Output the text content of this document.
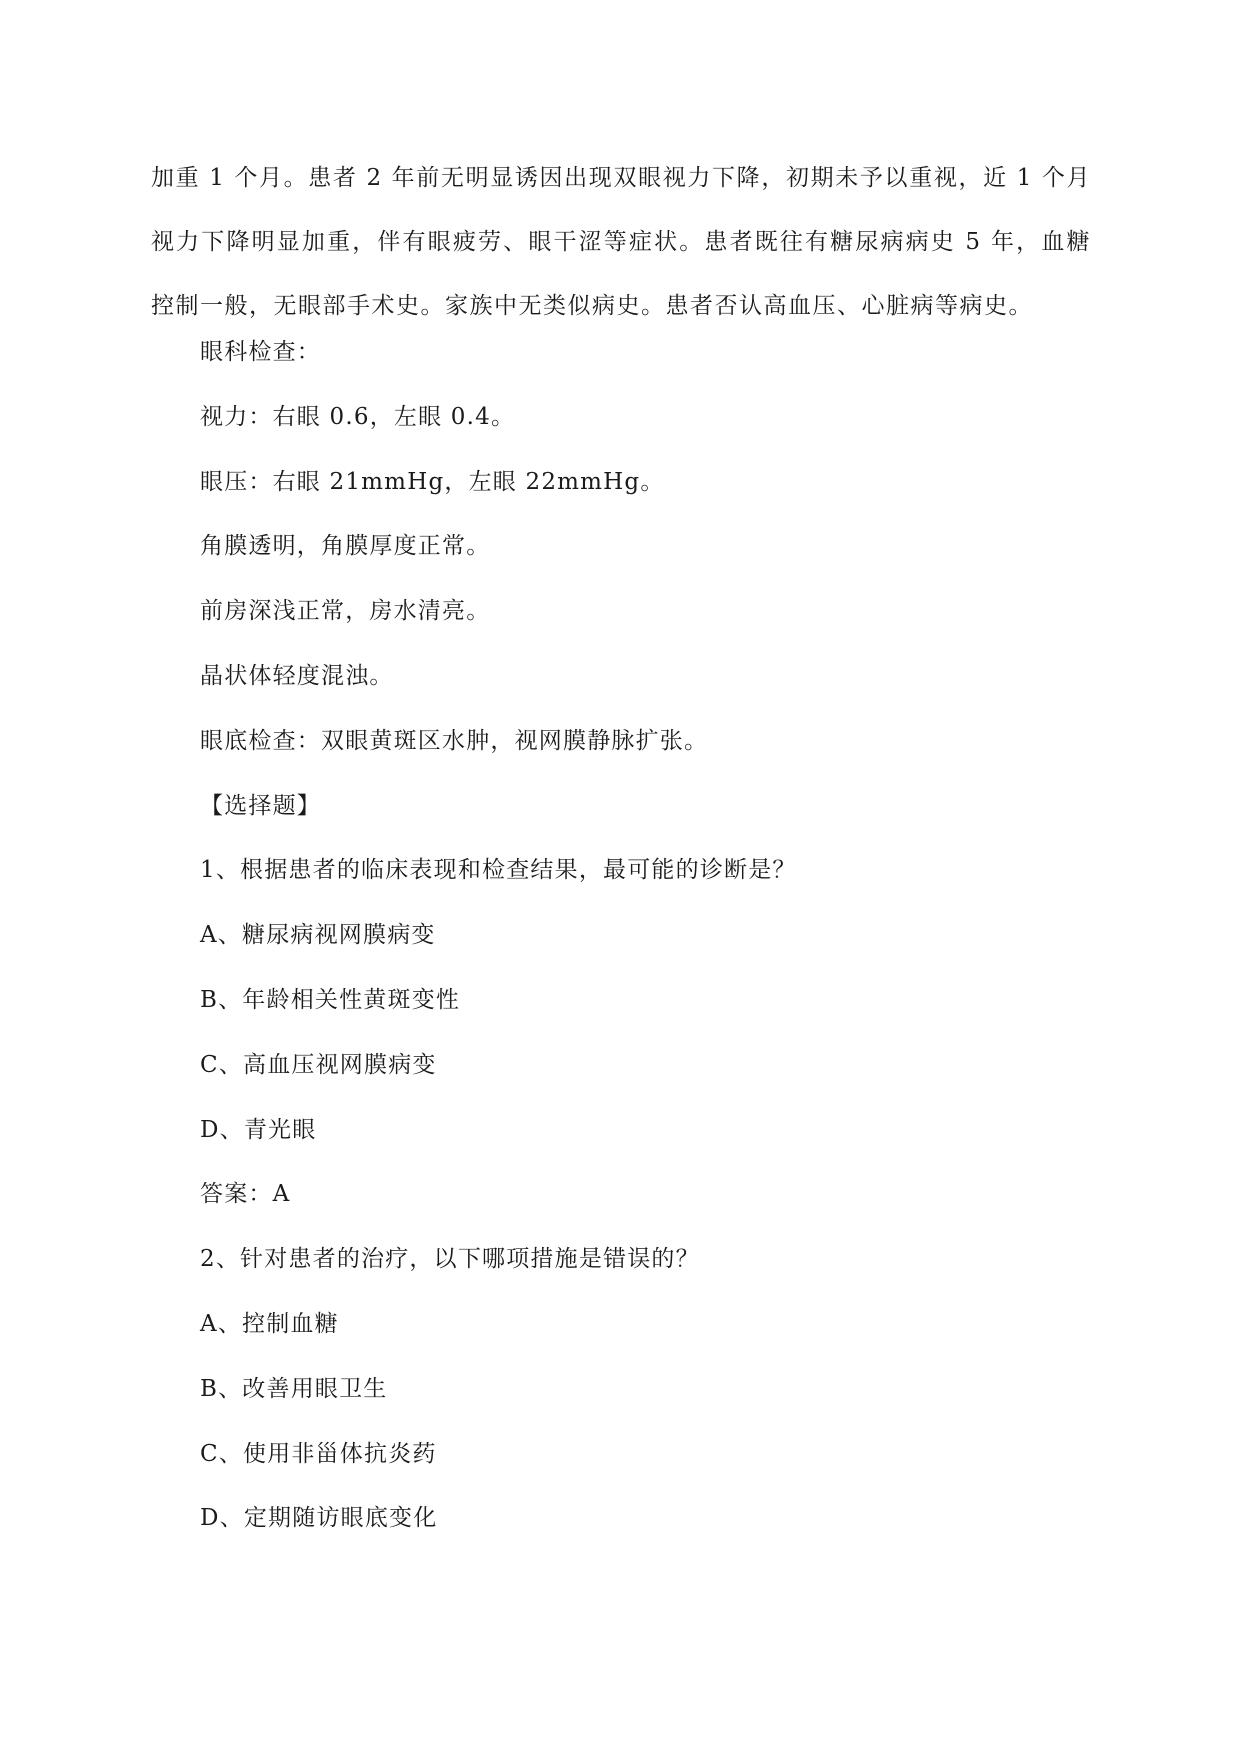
加重 1 个月。患者 2 年前无明显诱因出现双眼视力下降，初期未予以重视，近 1 个月视力下降明显加重，伴有眼疲劳、眼干涩等症状。患者既往有糖尿病病史 5 年，血糖控制一般，无眼部手术史。家族中无类似病史。患者否认高血压、心脏病等病史。

眼科检查：
视力：右眼 0.6，左眼 0.4。
眼压：右眼 21mmHg，左眼 22mmHg。
角膜透明，角膜厚度正常。
前房深浅正常，房水清亮。
晶状体轻度混浊。
眼底检查：双眼黄斑区水肿，视网膜静脉扩张。
【选择题】
1、根据患者的临床表现和检查结果，最可能的诊断是？
A、糖尿病视网膜病变
B、年龄相关性黄斑变性
C、高血压视网膜病变
D、青光眼
答案：A
2、针对患者的治疗，以下哪项措施是错误的？
A、控制血糖
B、改善用眼卫生
C、使用非甾体抗炎药
D、定期随访眼底变化
